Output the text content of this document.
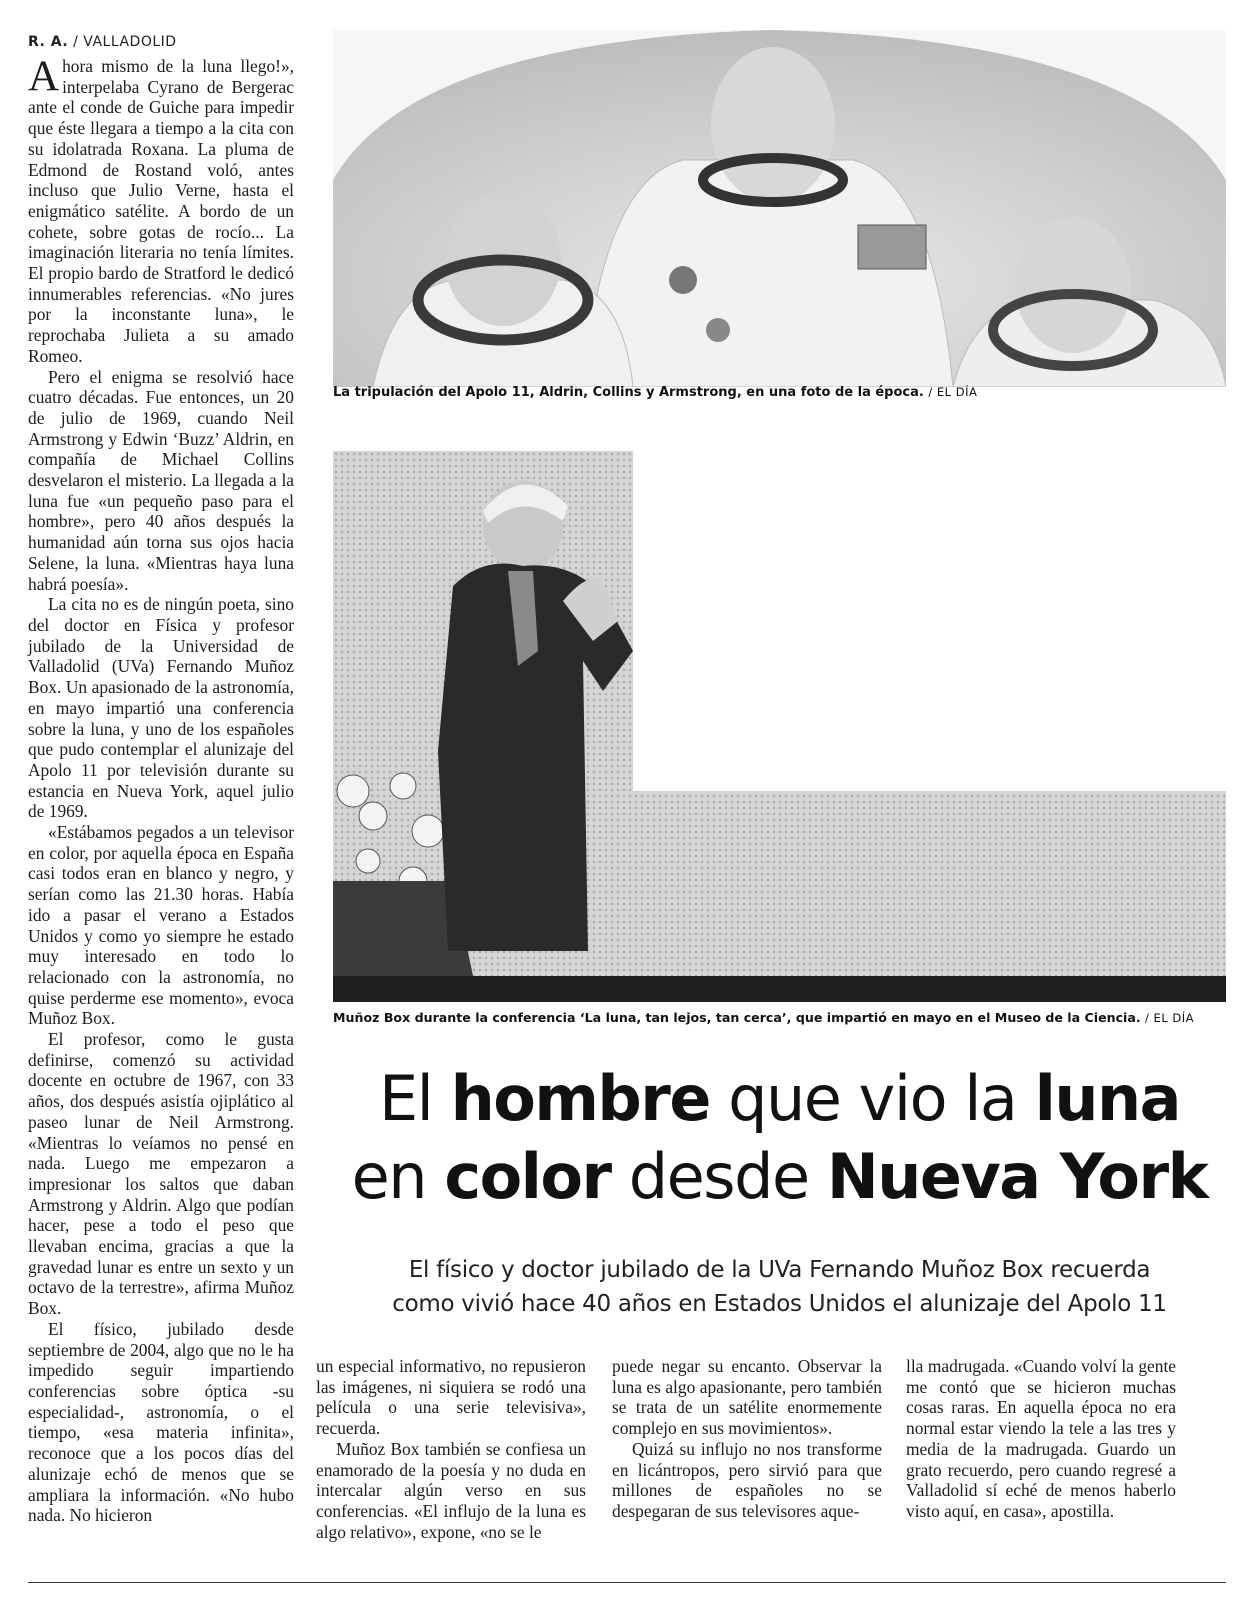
R. A. / VALLADOLID

Ahora mismo de la luna llego!», interpelaba Cyrano de Bergerac ante el conde de Guiche para impedir que éste llegara a tiempo a la cita con su idolatrada Roxana. La pluma de Edmond de Rostand voló, antes incluso que Julio Verne, hasta el enigmático satélite. A bordo de un cohete, sobre gotas de rocío... La imaginación literaria no tenía límites. El propio bardo de Stratford le dedicó innumerables referencias. «No jures por la inconstante luna», le reprochaba Julieta a su amado Romeo.

Pero el enigma se resolvió hace cuatro décadas. Fue entonces, un 20 de julio de 1969, cuando Neil Armstrong y Edwin ‘Buzz’ Aldrin, en compañía de Michael Collins desvelaron el misterio. La llegada a la luna fue «un pequeño paso para el hombre», pero 40 años después la humanidad aún torna sus ojos hacia Selene, la luna. «Mientras haya luna habrá poesía».

La cita no es de ningún poeta, sino del doctor en Física y profesor jubilado de la Universidad de Valladolid (UVa) Fernando Muñoz Box. Un apasionado de la astronomía, en mayo impartió una conferencia sobre la luna, y uno de los españoles que pudo contemplar el alunizaje del Apolo 11 por televisión durante su estancia en Nueva York, aquel julio de 1969.

«Estábamos pegados a un televisor en color, por aquella época en España casi todos eran en blanco y negro, y serían como las 21.30 horas. Había ido a pasar el verano a Estados Unidos y como yo siempre he estado muy interesado en todo lo relacionado con la astronomía, no quise perderme ese momento», evoca Muñoz Box.

El profesor, como le gusta definirse, comenzó su actividad docente en octubre de 1967, con 33 años, dos después asistía ojiplático al paseo lunar de Neil Armstrong. «Mientras lo veíamos no pensé en nada. Luego me empezaron a impresionar los saltos que daban Armstrong y Aldrin. Algo que podían hacer, pese a todo el peso que llevaban encima, gracias a que la gravedad lunar es entre un sexto y un octavo de la terrestre», afirma Muñoz Box.

El físico, jubilado desde septiembre de 2004, algo que no le ha impedido seguir impartiendo conferencias sobre óptica -su especialidad-, astronomía, o el tiempo, «esa materia infinita», reconoce que a los pocos días del alunizaje echó de menos que se ampliara la información. «No hubo nada. No hicieron

La tripulación del Apolo 11, Aldrin, Collins y Armstrong, en una foto de la época. / EL DÍA
Muñoz Box durante la conferencia ‘La luna, tan lejos, tan cerca’, que impartió en mayo en el Museo de la Ciencia. / EL DÍA
El hombre que vio la luna
en color desde Nueva York
El físico y doctor jubilado de la UVa Fernando Muñoz Box recuerda
como vivió hace 40 años en Estados Unidos el alunizaje del Apolo 11

un especial informativo, no repusieron las imágenes, ni siquiera se rodó una película o una serie televisiva», recuerda.

Muñoz Box también se confiesa un enamorado de la poesía y no duda en intercalar algún verso en sus conferencias. «El influjo de la luna es algo relativo», expone, «no se le

puede negar su encanto. Observar la luna es algo apasionante, pero también se trata de un satélite enormemente complejo en sus movimientos».

Quizá su influjo no nos transforme en licántropos, pero sirvió para que millones de españoles no se despegaran de sus televisores aque-

lla madrugada. «Cuando volví la gente me contó que se hicieron muchas cosas raras. En aquella época no era normal estar viendo la tele a las tres y media de la madrugada. Guardo un grato recuerdo, pero cuando regresé a Valladolid sí eché de menos haberlo visto aquí, en casa», apostilla.
